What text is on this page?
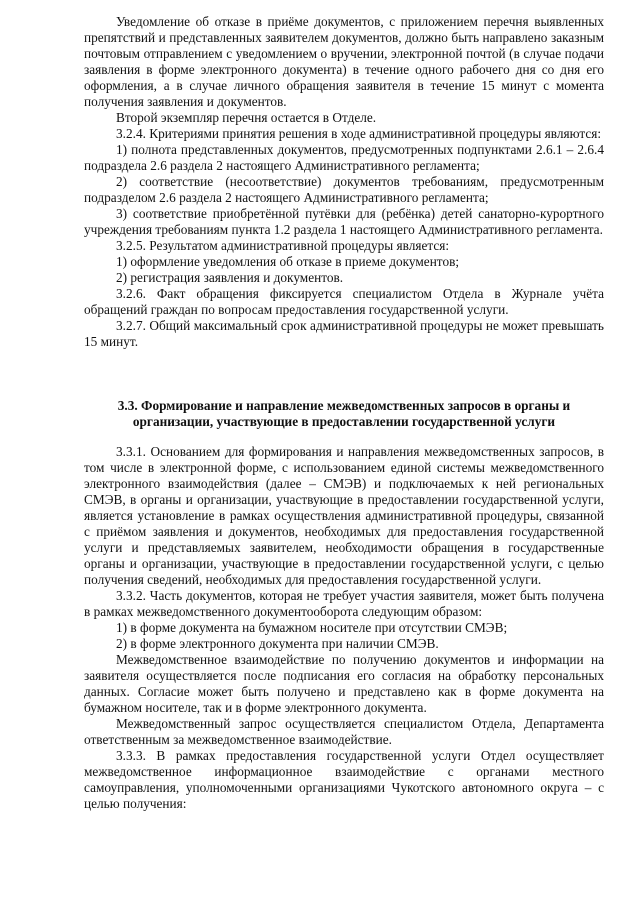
Уведомление об отказе в приёме документов, с приложением перечня выявленных препятствий и представленных заявителем документов, должно быть направлено заказным почтовым отправлением с уведомлением о вручении, электронной почтой (в случае подачи заявления в форме электронного документа) в течение одного рабочего дня со дня его оформления, а в случае личного обращения заявителя в течение 15 минут с момента получения заявления и документов.

Второй экземпляр перечня остается в Отделе.

3.2.4. Критериями принятия решения в ходе административной процедуры являются:

1) полнота представленных документов, предусмотренных подпунктами 2.6.1 – 2.6.4 подраздела 2.6 раздела 2 настоящего Административного регламента;

2) соответствие (несоответствие) документов требованиям, предусмотренным подразделом 2.6 раздела 2 настоящего Административного регламента;

3) соответствие приобретённой путёвки для (ребёнка) детей санаторно-курортного учреждения требованиям пункта 1.2 раздела 1 настоящего Административного регламента.

3.2.5. Результатом административной процедуры является:

1) оформление уведомления об отказе в приеме документов;

2) регистрация заявления и документов.

3.2.6. Факт обращения фиксируется специалистом Отдела в Журнале учёта обращений граждан по вопросам предоставления государственной услуги.

3.2.7. Общий максимальный срок административной процедуры не может превышать 15 минут.

3.3. Формирование и направление межведомственных запросов в органы и
организации, участвующие в предоставлении государственной услуги

3.3.1. Основанием для формирования и направления межведомственных запросов, в том числе в электронной форме, с использованием единой системы межведомственного электронного взаимодействия (далее – СМЭВ) и подключаемых к ней региональных СМЭВ, в органы и организации, участвующие в предоставлении государственной услуги, является установление в рамках осуществления административной процедуры, связанной с приёмом заявления и документов, необходимых для предоставления государственной услуги и представляемых заявителем, необходимости обращения в государственные органы и организации, участвующие в предоставлении государственной услуги, с целью получения сведений, необходимых для предоставления государственной услуги.

3.3.2. Часть документов, которая не требует участия заявителя, может быть получена в рамках межведомственного документооборота следующим образом:

1) в форме документа на бумажном носителе при отсутствии СМЭВ;

2) в форме электронного документа при наличии СМЭВ.

Межведомственное взаимодействие по получению документов и информации на заявителя осуществляется после подписания его согласия на обработку персональных данных. Согласие может быть получено и представлено как в форме документа на бумажном носителе, так и в форме электронного документа.

Межведомственный запрос осуществляется специалистом Отдела, Департамента ответственным за межведомственное взаимодействие.

3.3.3. В рамках предоставления государственной услуги Отдел осуществляет межведомственное информационное взаимодействие с органами местного самоуправления, уполномоченными организациями Чукотского автономного округа – с целью получения:
